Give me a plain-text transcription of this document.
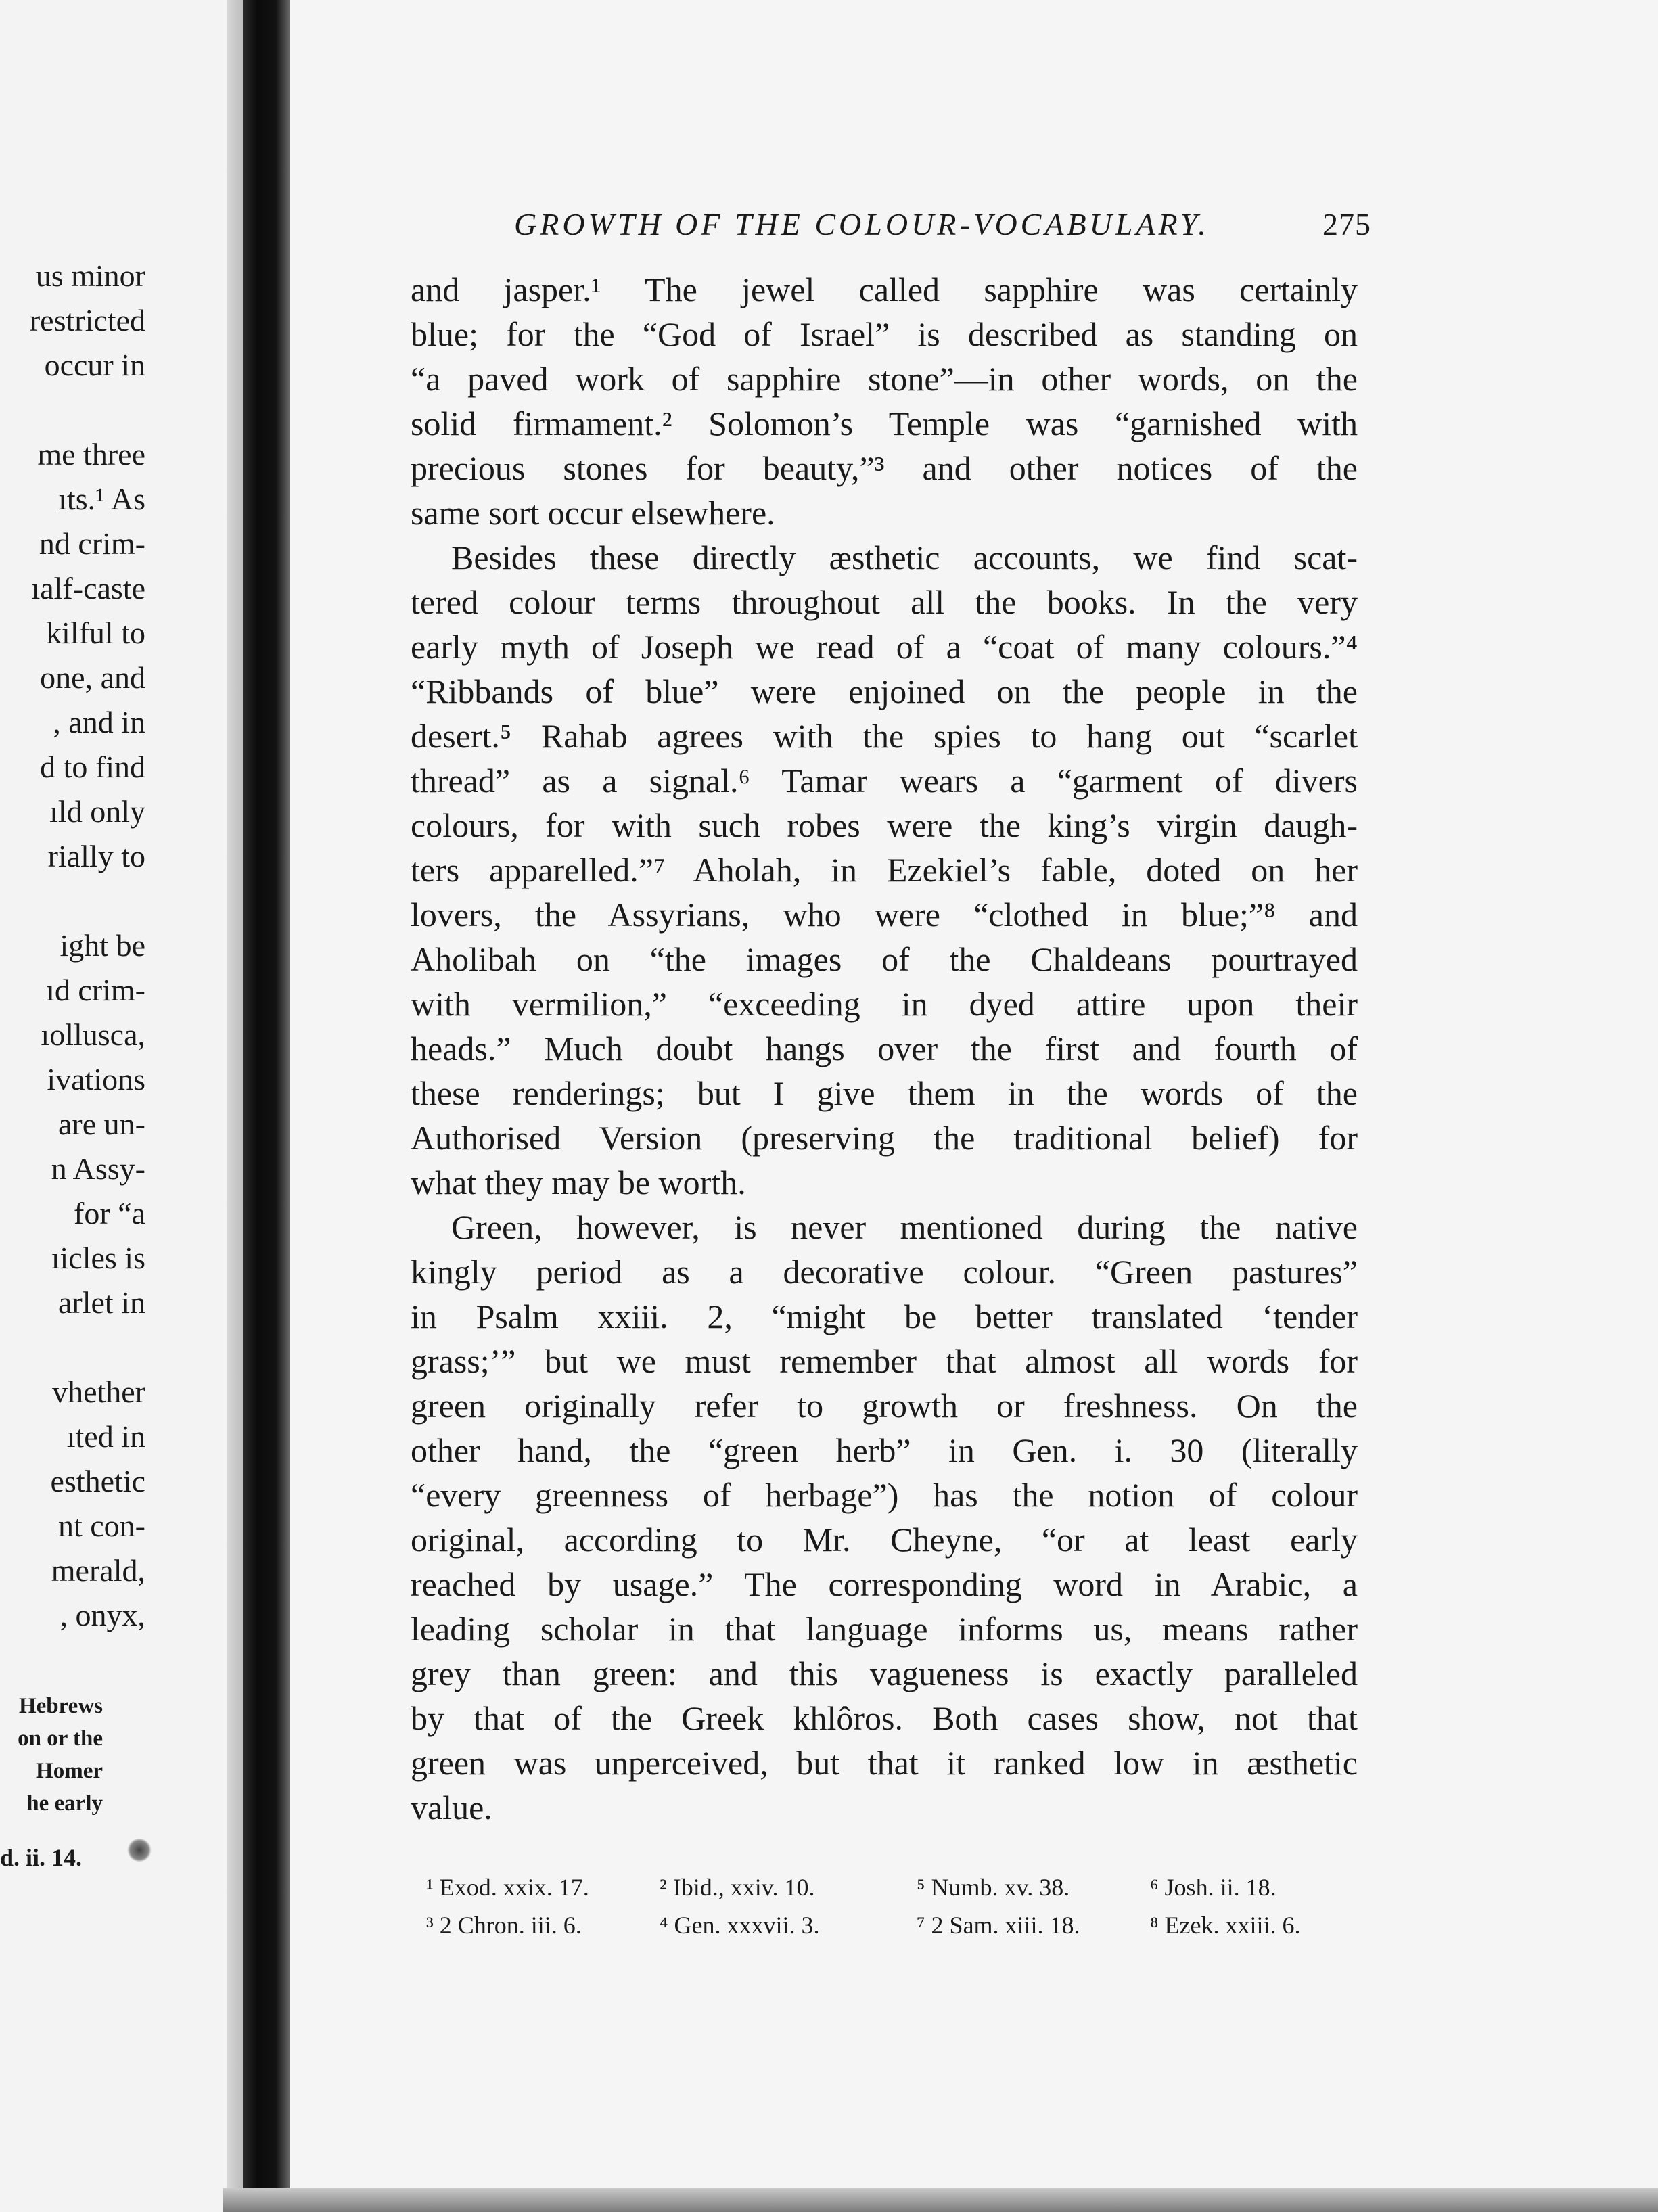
us minor
restricted
occur in
me three
ıts.¹ As
nd crim-
ıalf-caste
kilful to
one, and
, and in
d to find
ıld only
rially to
ight be
ıd crim-
ıollusca,
ivations
are un-
n Assy-
for “a
ıicles is
arlet in
vhether
ıted in
esthetic
nt con-
merald,
, onyx,
Hebrews
on or the
Homer
he early
d. ii. 14.
GROWTH OF THE COLOUR-VOCABULARY.	275

and jasper.¹ The jewel called sapphire was certainly
blue; for the “God of Israel” is described as standing on
“a paved work of sapphire stone”—in other words, on the
solid firmament.² Solomon’s Temple was “garnished with
precious stones for beauty,”³ and other notices of the
same sort occur elsewhere.

Besides these directly æsthetic accounts, we find scat-
tered colour terms throughout all the books. In the very
early myth of Joseph we read of a “coat of many colours.”⁴
“Ribbands of blue” were enjoined on the people in the
desert.⁵ Rahab agrees with the spies to hang out “scarlet
thread” as a signal.⁶ Tamar wears a “garment of divers
colours, for with such robes were the king’s virgin daugh-
ters apparelled.”⁷ Aholah, in Ezekiel’s fable, doted on her
lovers, the Assyrians, who were “clothed in blue;”⁸ and
Aholibah on “the images of the Chaldeans pourtrayed
with vermilion,” “exceeding in dyed attire upon their
heads.” Much doubt hangs over the first and fourth of
these renderings; but I give them in the words of the
Authorised Version (preserving the traditional belief) for
what they may be worth.

Green, however, is never mentioned during the native
kingly period as a decorative colour. “Green pastures”
in Psalm xxiii. 2, “might be better translated ‘tender
grass;’” but we must remember that almost all words for
green originally refer to growth or freshness. On the
other hand, the “green herb” in Gen. i. 30 (literally
“every greenness of herbage”) has the notion of colour
original, according to Mr. Cheyne, “or at least early
reached by usage.” The corresponding word in Arabic, a
leading scholar in that language informs us, means rather
grey than green: and this vagueness is exactly paralleled
by that of the Greek khlôros. Both cases show, not that
green was unperceived, but that it ranked low in æsthetic
value.

¹ Exod. xxix. 17.	² Ibid., xxiv. 10.	⁵ Numb. xv. 38.	⁶ Josh. ii. 18.
³ 2 Chron. iii. 6.	⁴ Gen. xxxvii. 3.	⁷ 2 Sam. xiii. 18.	⁸ Ezek. xxiii. 6.
